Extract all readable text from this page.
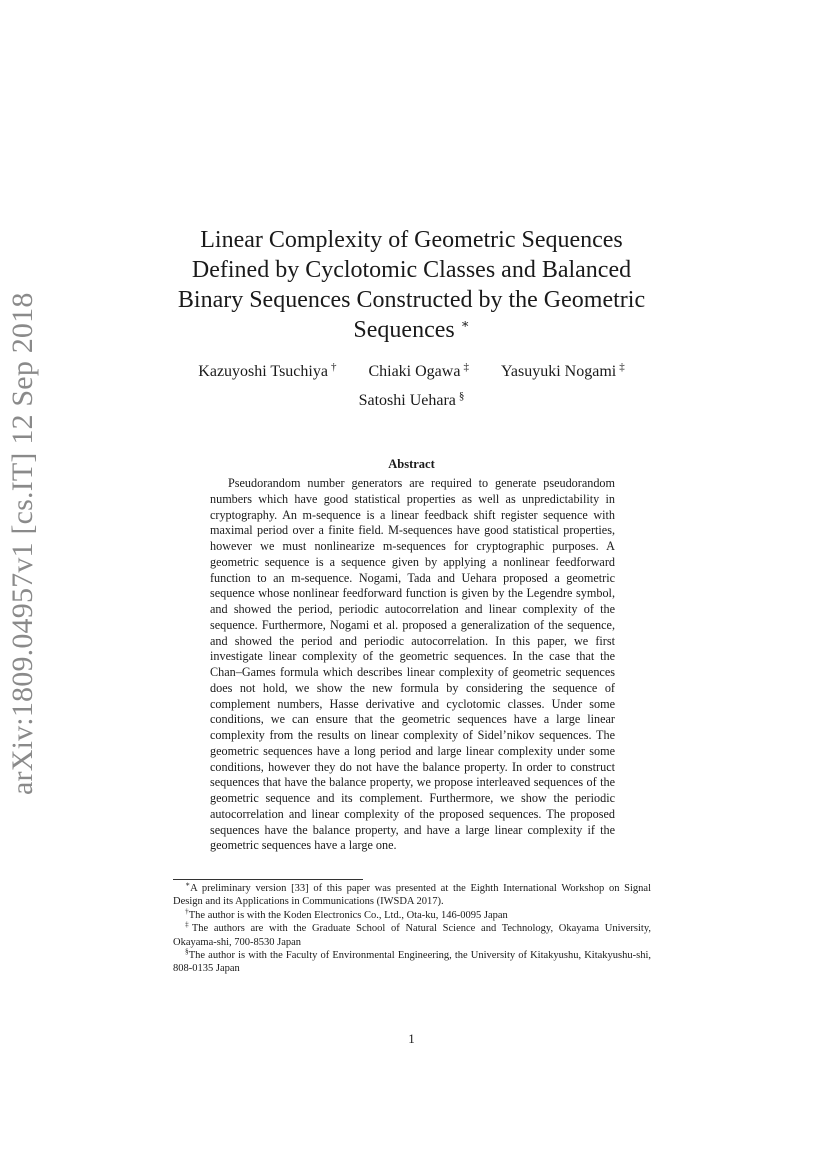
arXiv:1809.04957v1 [cs.IT] 12 Sep 2018
Linear Complexity of Geometric Sequences
Defined by Cyclotomic Classes and Balanced
Binary Sequences Constructed by the Geometric
Sequences ∗
Kazuyoshi Tsuchiya † Chiaki Ogawa ‡ Yasuyuki Nogami ‡
Satoshi Uehara §
Abstract

Pseudorandom number generators are required to generate pseudorandom numbers which have good statistical properties as well as unpredictability in cryptography. An m-sequence is a linear feedback shift register sequence with maximal period over a finite field. M-sequences have good statistical properties, however we must nonlinearize m-sequences for cryptographic purposes. A geometric sequence is a sequence given by applying a nonlinear feedforward function to an m-sequence. Nogami, Tada and Uehara proposed a geometric sequence whose nonlinear feedforward function is given by the Legendre symbol, and showed the period, periodic autocorrelation and linear complexity of the sequence. Furthermore, Nogami et al. proposed a generalization of the sequence, and showed the period and periodic autocorrelation. In this paper, we first investigate linear complexity of the geometric sequences. In the case that the Chan–Games formula which describes linear complexity of geometric sequences does not hold, we show the new formula by considering the sequence of complement numbers, Hasse derivative and cyclotomic classes. Under some conditions, we can ensure that the geometric sequences have a large linear complexity from the results on linear complexity of Sidel’nikov sequences. The geometric sequences have a long period and large linear complexity under some conditions, however they do not have the balance property. In order to construct sequences that have the balance property, we propose interleaved sequences of the geometric sequence and its complement. Furthermore, we show the periodic autocorrelation and linear complexity of the proposed sequences. The proposed sequences have the balance property, and have a large linear complexity if the geometric sequences have a large one.

∗A preliminary version [33] of this paper was presented at the Eighth International Workshop on Signal Design and its Applications in Communications (IWSDA 2017).

†The author is with the Koden Electronics Co., Ltd., Ota-ku, 146-0095 Japan

‡The authors are with the Graduate School of Natural Science and Technology, Okayama University, Okayama-shi, 700-8530 Japan

§The author is with the Faculty of Environmental Engineering, the University of Kitakyushu, Kitakyushu-shi, 808-0135 Japan

1
